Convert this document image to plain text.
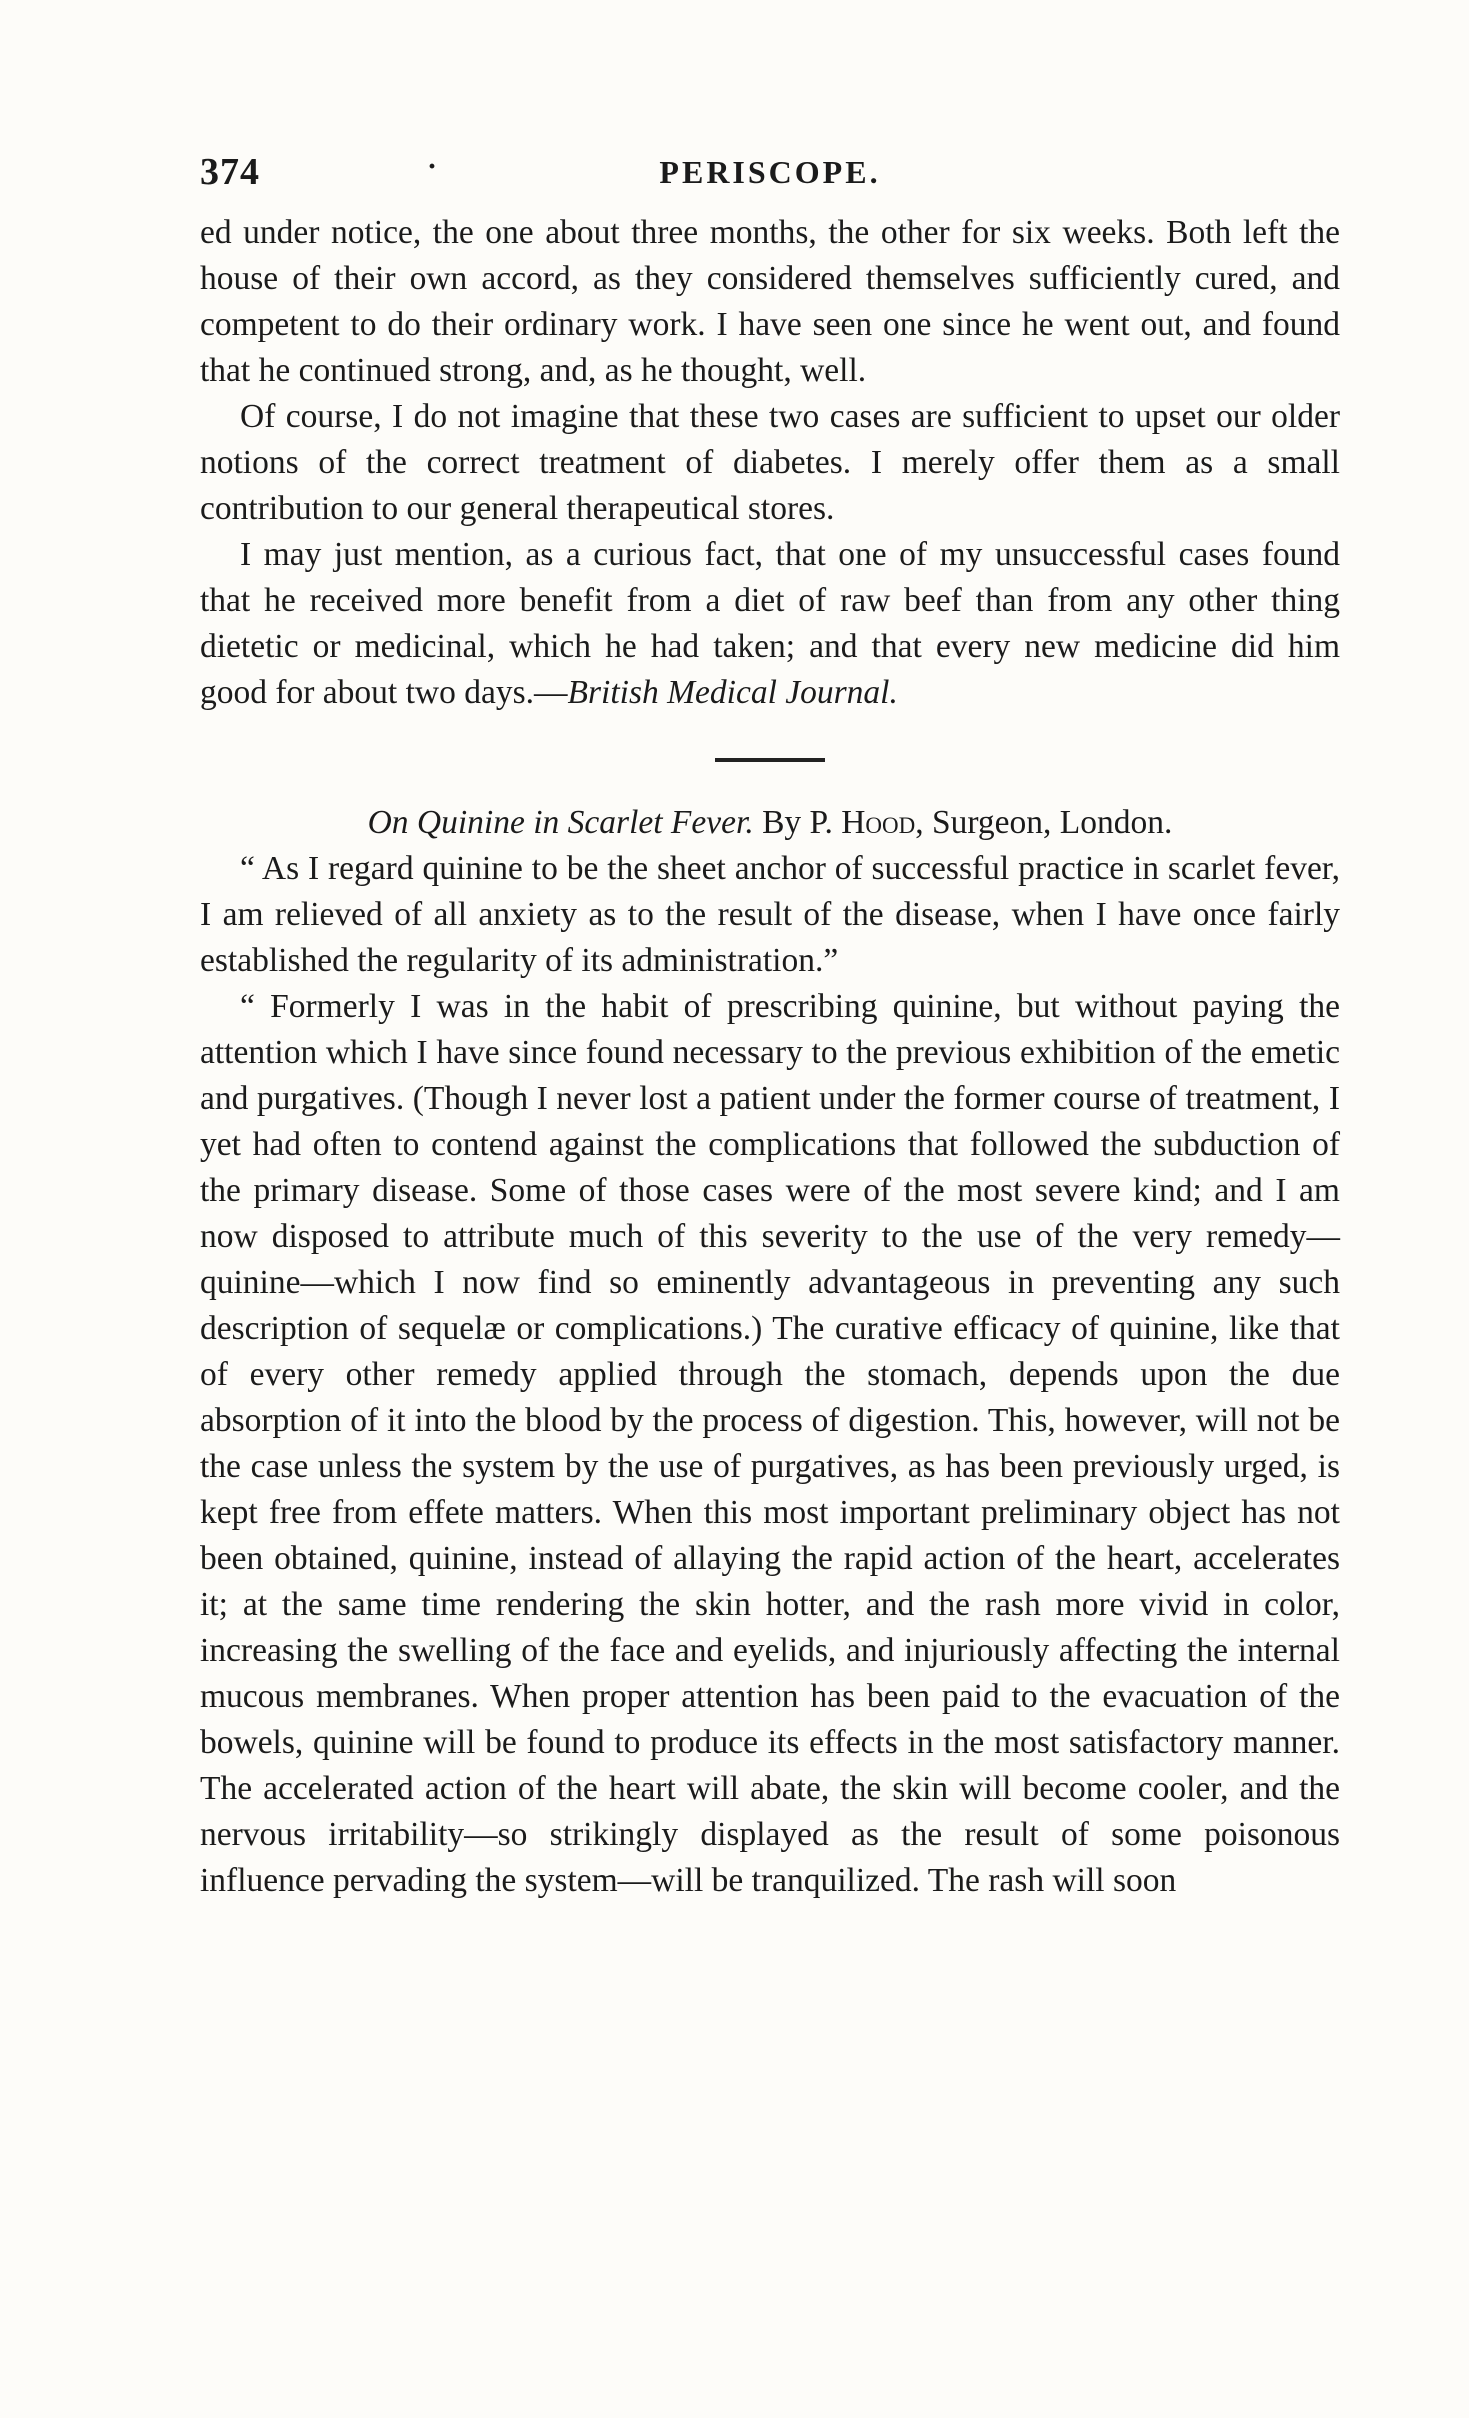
374	·	PERISCOPE.

ed under notice, the one about three months, the other for six weeks. Both left the house of their own accord, as they considered themselves sufficiently cured, and competent to do their ordinary work. I have seen one since he went out, and found that he continued strong, and, as he thought, well.

Of course, I do not imagine that these two cases are sufficient to upset our older notions of the correct treatment of diabetes. I merely offer them as a small contribution to our general therapeutical stores.

I may just mention, as a curious fact, that one of my unsuccessful cases found that he received more benefit from a diet of raw beef than from any other thing dietetic or medicinal, which he had taken; and that every new medicine did him good for about two days.—British Medical Journal.

On Quinine in Scarlet Fever. By P. Hood, Surgeon, London.

“ As I regard quinine to be the sheet anchor of successful practice in scarlet fever, I am relieved of all anxiety as to the result of the disease, when I have once fairly established the regularity of its administration.”

“ Formerly I was in the habit of prescribing quinine, but without paying the attention which I have since found necessary to the previous exhibition of the emetic and purgatives. (Though I never lost a patient under the former course of treatment, I yet had often to contend against the complications that followed the subduction of the primary disease. Some of those cases were of the most severe kind; and I am now disposed to attribute much of this severity to the use of the very remedy—quinine—which I now find so eminently advantageous in preventing any such description of sequelæ or complications.) The curative efficacy of quinine, like that of every other remedy applied through the stomach, depends upon the due absorption of it into the blood by the process of digestion. This, however, will not be the case unless the system by the use of purgatives, as has been previously urged, is kept free from effete matters. When this most important preliminary object has not been obtained, quinine, instead of allaying the rapid action of the heart, accelerates it; at the same time rendering the skin hotter, and the rash more vivid in color, increasing the swelling of the face and eyelids, and injuriously affecting the internal mucous membranes. When proper attention has been paid to the evacuation of the bowels, quinine will be found to produce its effects in the most satisfactory manner. The accelerated action of the heart will abate, the skin will become cooler, and the nervous irritability—so strikingly displayed as the result of some poisonous influence pervading the system—will be tranquilized. The rash will soon
